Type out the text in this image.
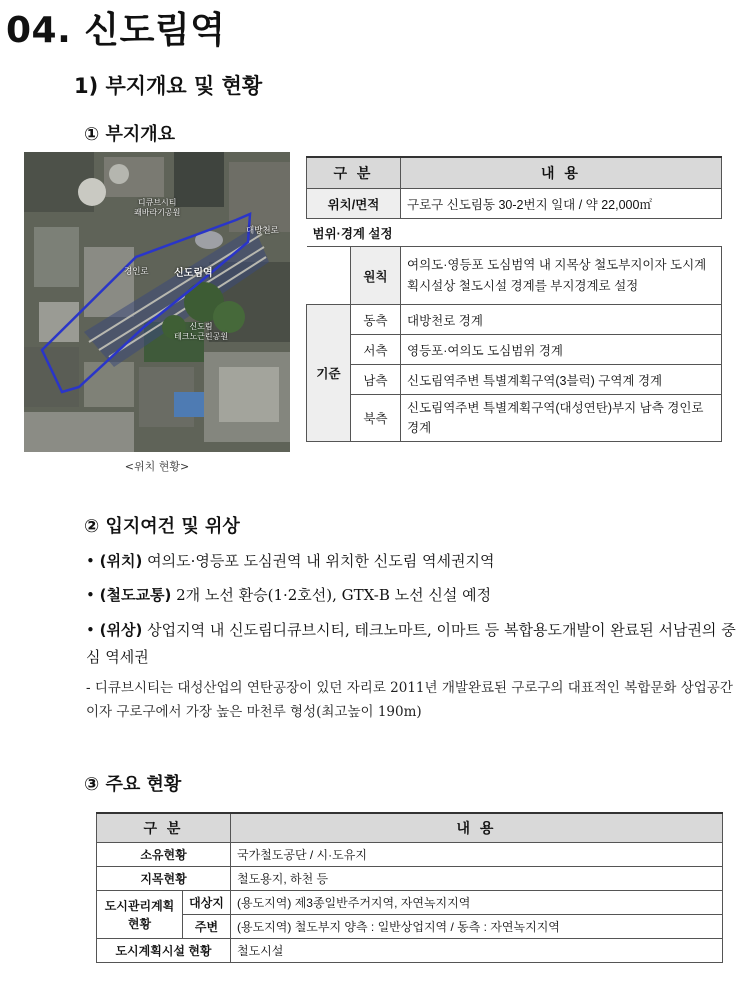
04. 신도림역
1) 부지개요 및 현황
① 부지개요
디큐브시티
쾌바라기공원
대방천로
경인로	신도림역
신도림
테크노근린공원
<위치 현황>
구 분		내 용
위치/면적		구로구 신도림동 30-2번지 일대 / 약 22,000㎡
범위·경계 설정		
	원칙	여의도·영등포 도심범역 내 지목상 철도부지이자 도시계획시설상 철도시설 경계를 부지경계로 설정
기준	동측	대방천로 경계
	서측	영등포·여의도 도심범위 경계
	남측	신도림역주변 특별계획구역(3블럭) 구역계 경계
	북측	신도림역주변 특별계획구역(대성연탄)부지 남측 경인로 경계
② 입지여건 및 위상
• (위치) 여의도·영등포 도심권역 내 위치한 신도림 역세권지역
• (철도교통) 2개 노선 환승(1·2호선), GTX-B 노선 신설 예정
• (위상) 상업지역 내 신도림디큐브시티, 테크노마트, 이마트 등 복합용도개발이 완료된 서남권의 중심 역세권
- 디큐브시티는 대성산업의 연탄공장이 있던 자리로 2011년 개발완료된 구로구의 대표적인 복합문화 상업공간이자 구로구에서 가장 높은 마천루 형성(최고높이 190m)
③ 주요 현황
구 분		내 용
소유현황		국가철도공단 / 시·도유지
지목현황		철도용지, 하천 등
도시관리계획 현황	대상지	(용도지역) 제3종일반주거지역, 자연녹지지역
	주변	(용도지역) 철도부지 양측 : 일반상업지역 / 동측 : 자연녹지지역
도시계획시설 현황		철도시설
